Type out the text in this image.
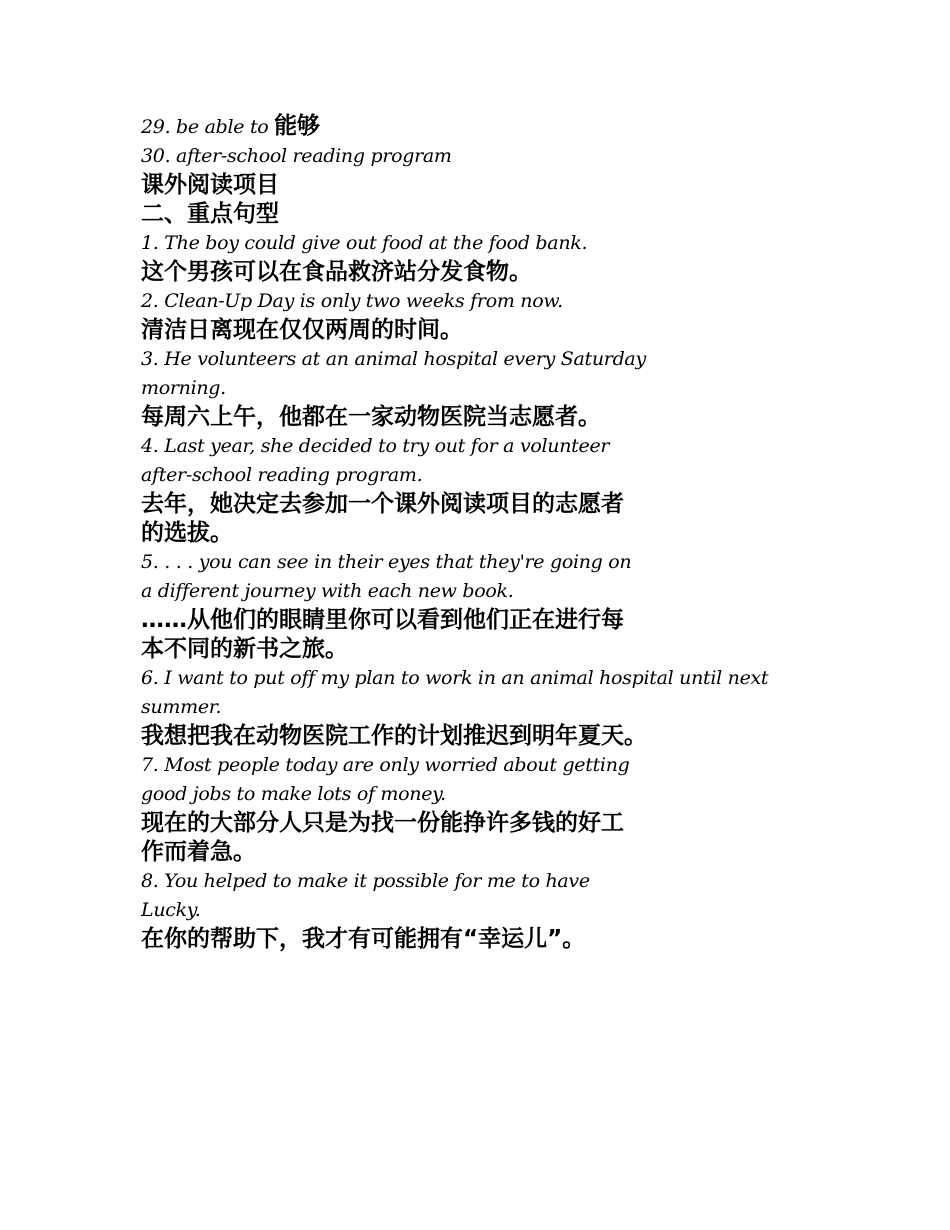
29. be able to 能够
30. after-school reading program
课外阅读项目
二、重点句型
1. The boy could give out food at the food bank.
这个男孩可以在食品救济站分发食物。
2. Clean-Up Day is only two weeks from now.
清洁日离现在仅仅两周的时间。
3. He volunteers at an animal hospital every Saturday
morning.
每周六上午，他都在一家动物医院当志愿者。
4. Last year, she decided to try out for a volunteer
after-school reading program.
去年，她决定去参加一个课外阅读项目的志愿者
的选拔。
5. . . . you can see in their eyes that they're going on
a different journey with each new book.
……从他们的眼睛里你可以看到他们正在进行每
本不同的新书之旅。
6. I want to put off my plan to work in an animal hospital until next
summer.
我想把我在动物医院工作的计划推迟到明年夏天。
7. Most people today are only worried about getting
good jobs to make lots of money.
现在的大部分人只是为找一份能挣许多钱的好工
作而着急。
8. You helped to make it possible for me to have
Lucky.
在你的帮助下，我才有可能拥有“幸运儿”。
